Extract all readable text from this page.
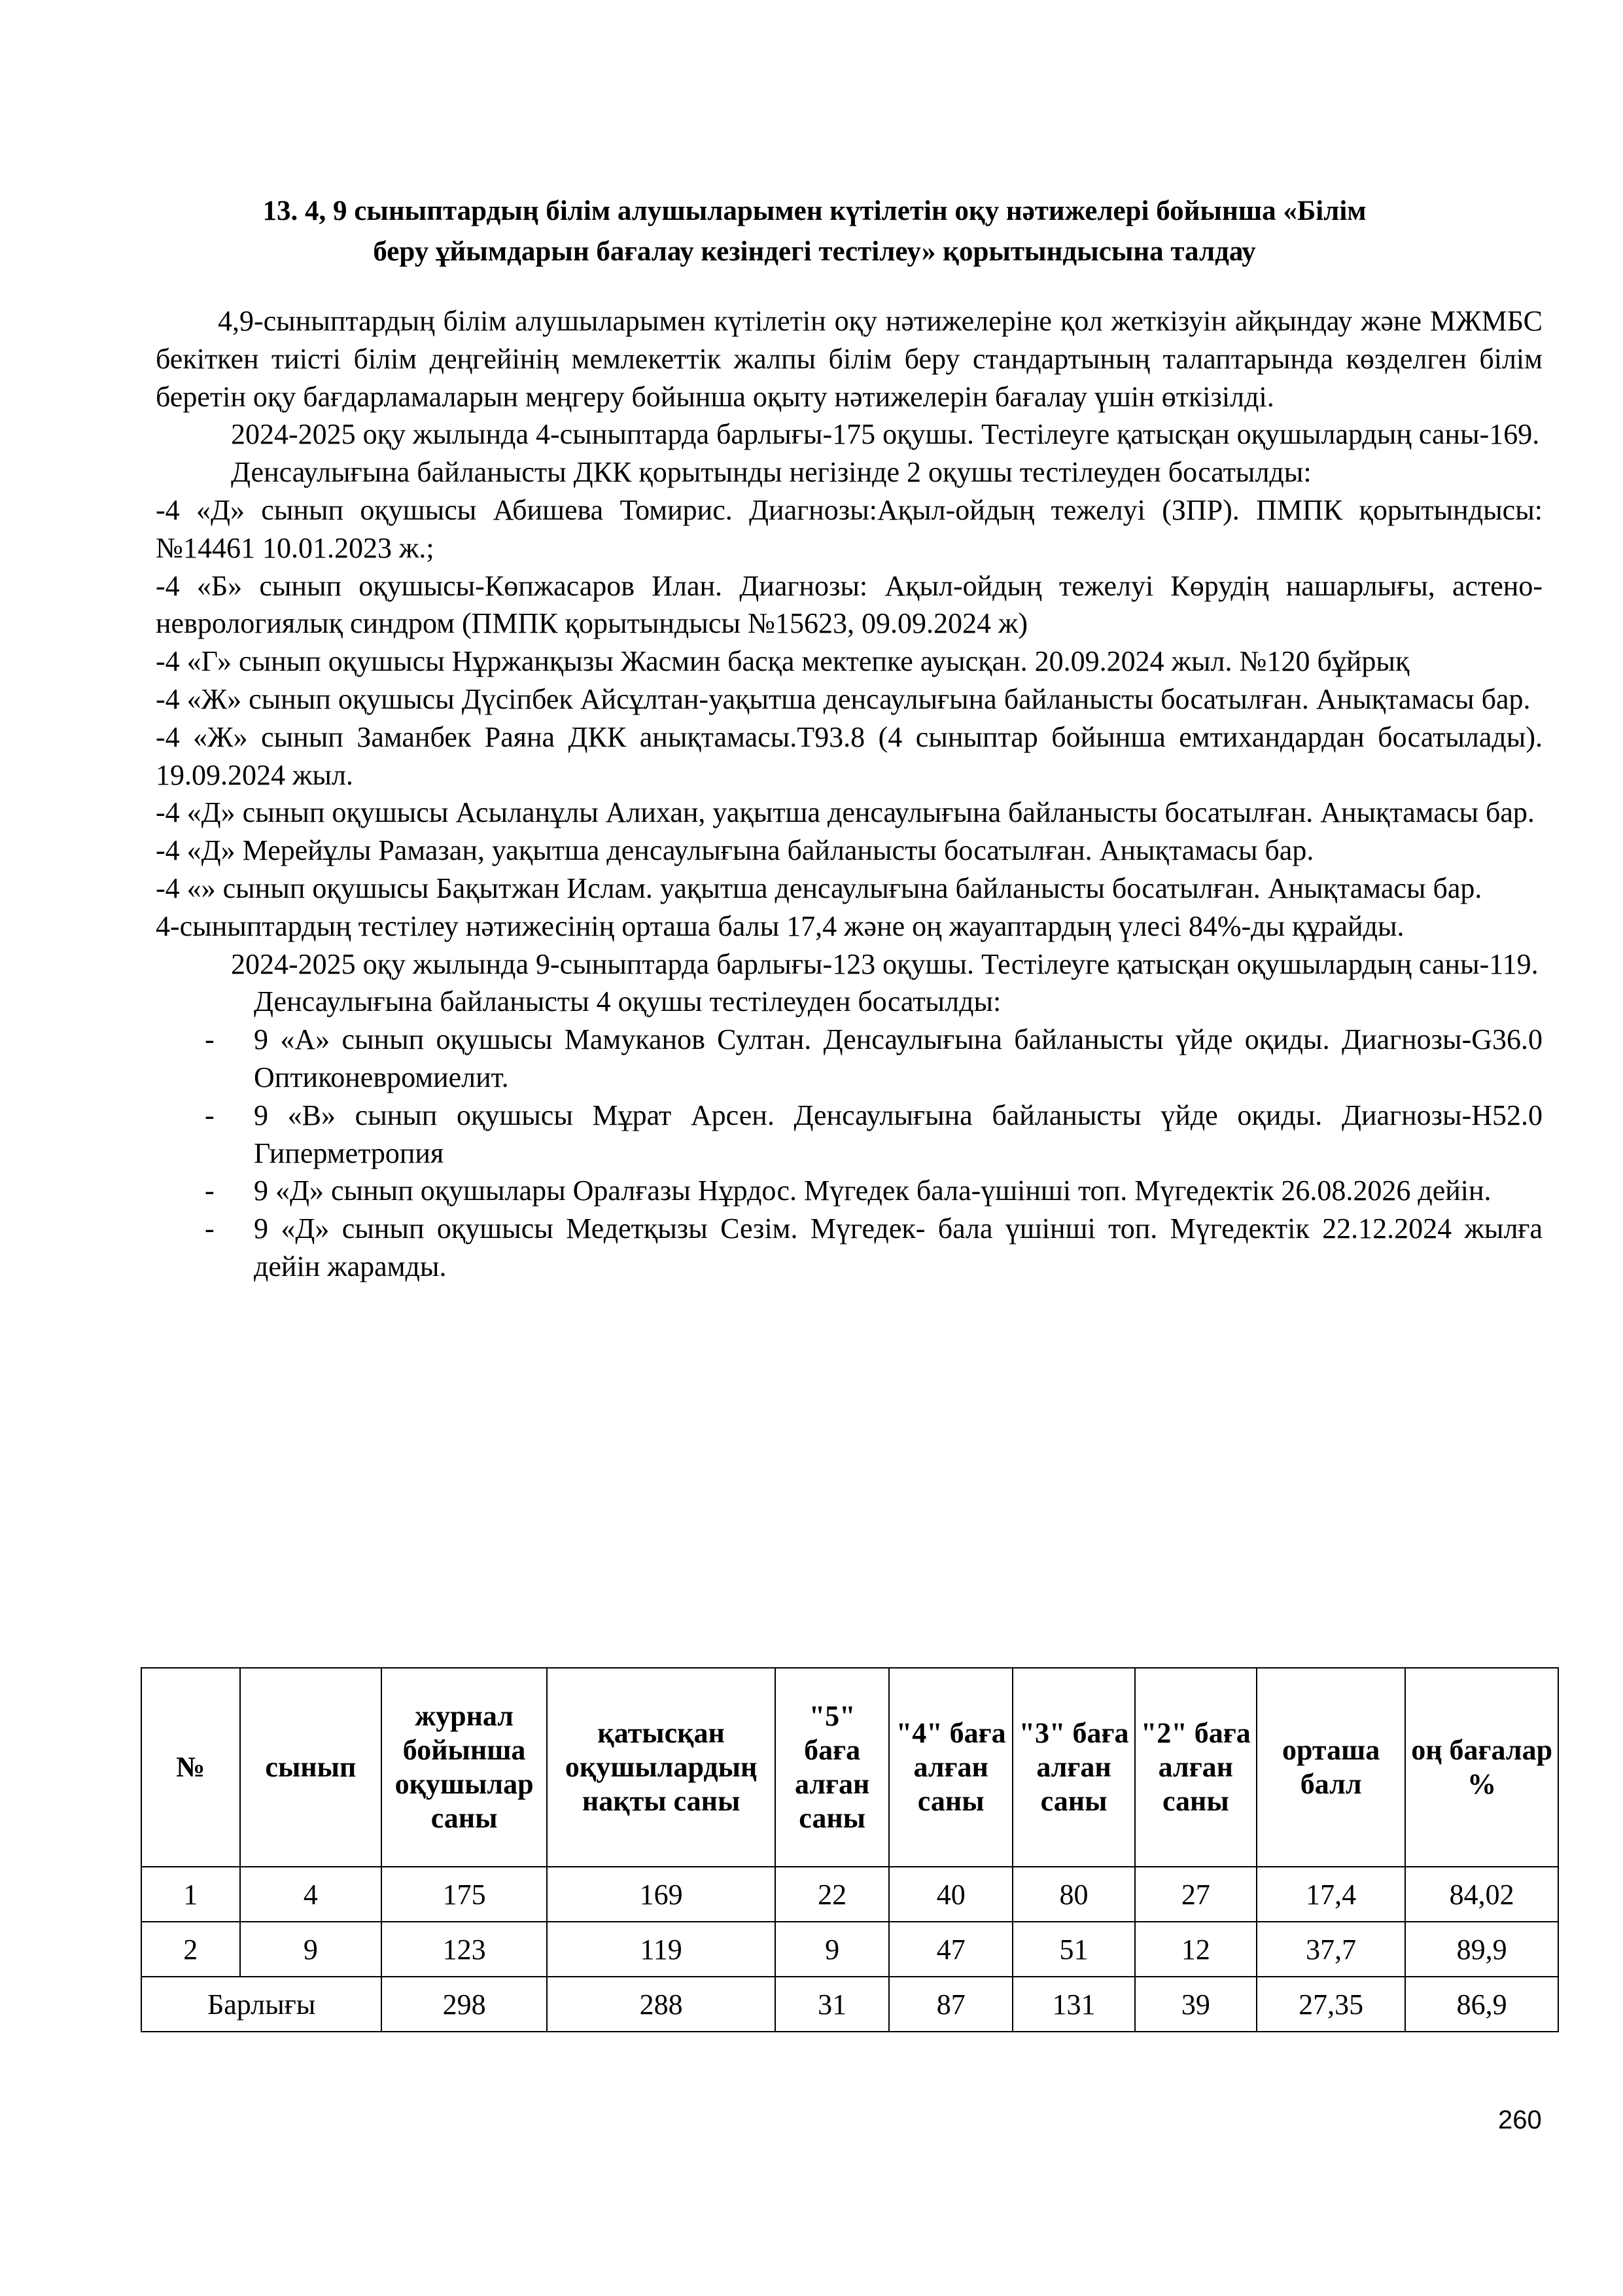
13. 4, 9 сыныптардың білім алушыларымен күтілетін оқу нәтижелері бойынша «Білім
беру ұйымдарын бағалау кезіндегі тестілеу» қорытындысына талдау

4,9-сыныптардың білім алушыларымен күтілетін оқу нәтижелеріне қол жеткізуін айқындау және МЖМБС бекіткен тиісті білім деңгейінің мемлекеттік жалпы білім беру стандартының талаптарында көзделген білім беретін оқу бағдарламаларын меңгеру бойынша оқыту нәтижелерін бағалау үшін өткізілді.

2024-2025 оқу жылында 4-сыныптарда барлығы-175 оқушы. Тестілеуге қатысқан оқушылардың саны-169.

Денсаулығына байланысты ДКК қорытынды негізінде 2 оқушы тестілеуден босатылды:

-4 «Д» сынып оқушысы Абишева Томирис. Диагнозы:Ақыл-ойдың тежелуі (ЗПР). ПМПК қорытындысы: №14461 10.01.2023 ж.;

-4 «Б» сынып оқушысы-Көпжасаров Илан. Диагнозы: Ақыл-ойдың тежелуі Көрудің нашарлығы, астено- неврологиялық синдром (ПМПК қорытындысы №15623, 09.09.2024 ж)

-4 «Г» сынып оқушысы Нұржанқызы Жасмин басқа мектепке ауысқан. 20.09.2024 жыл. №120 бұйрық

-4 «Ж» сынып оқушысы Дүсіпбек Айсұлтан-уақытша денсаулығына байланысты босатылған. Анықтамасы бар.

-4 «Ж» сынып Заманбек Раяна ДКК анықтамасы.Т93.8 (4 сыныптар бойынша емтихандардан босатылады). 19.09.2024 жыл.

-4 «Д» сынып оқушысы Асыланұлы Алихан, уақытша денсаулығына байланысты босатылған. Анықтамасы бар.

-4 «Д» Мерейұлы Рамазан, уақытша денсаулығына байланысты босатылған. Анықтамасы бар.

-4 «» сынып оқушысы Бақытжан Ислам. уақытша денсаулығына байланысты босатылған. Анықтамасы бар.

4-сыныптардың тестілеу нәтижесінің орташа балы 17,4 және оң жауаптардың үлесі 84%-ды құрайды.

2024-2025 оқу жылында 9-сыныптарда барлығы-123 оқушы. Тестілеуге қатысқан оқушылардың саны-119.

Денсаулығына байланысты 4 оқушы тестілеуден босатылды:

- 9 «А» сынып оқушысы Мамуканов Султан. Денсаулығына байланысты үйде оқиды. Диагнозы-G36.0 Оптиконевромиелит.
- 9 «В» сынып оқушысы Мұрат Арсен. Денсаулығына байланысты үйде оқиды. Диагнозы-H52.0 Гиперметропия
- 9 «Д» сынып оқушылары Оралғазы Нұрдос. Мүгедек бала-үшінші топ. Мүгедектік 26.08.2026 дейін.
- 9 «Д» сынып оқушысы Медетқызы Сезім. Мүгедек- бала үшінші топ. Мүгедектік 22.12.2024 жылға дейін жарамды.
№	сынып	журнал бойынша оқушылар саны	қатысқан оқушылардың нақты саны	"5" баға алған саны	"4" баға алған саны	"3" баға алған саны	"2" баға алған саны	орташа балл	оң бағалар %
1	4	175	169	22	40	80	27	17,4	84,02
2	9	123	119	9	47	51	12	37,7	89,9
Барлығы		298	288	31	87	131	39	27,35	86,9
260
